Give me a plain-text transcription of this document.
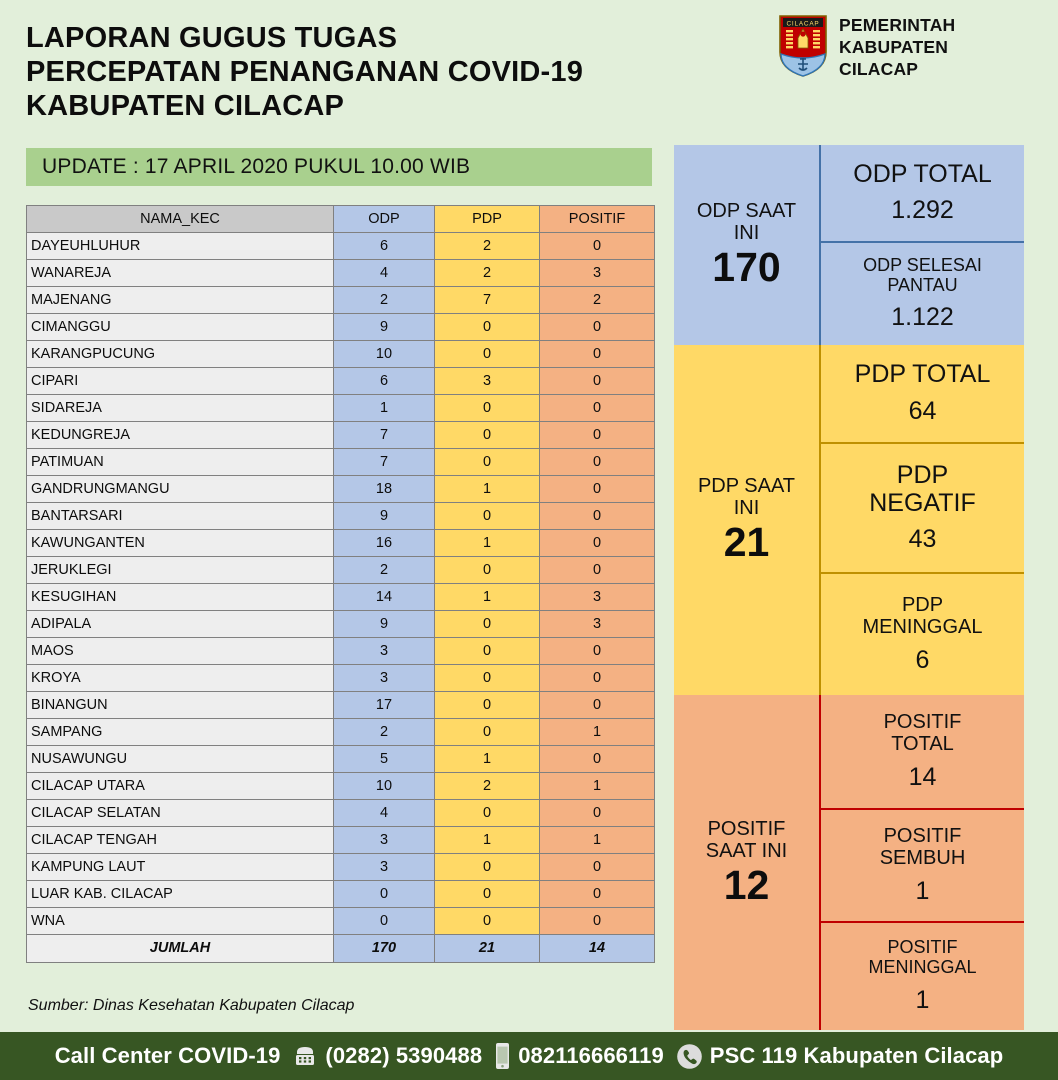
LAPORAN GUGUS TUGAS
PERCEPATAN PENANGANAN COVID-19
KABUPATEN CILACAP
CILACAP PEMERINTAH
KABUPATEN
CILACAP
UPDATE : 17 APRIL 2020 PUKUL 10.00 WIB
NAMA_KEC	ODP	PDP	POSITIF
DAYEUHLUHUR	6	2	0
WANAREJA	4	2	3
MAJENANG	2	7	2
CIMANGGU	9	0	0
KARANGPUCUNG	10	0	0
CIPARI	6	3	0
SIDAREJA	1	0	0
KEDUNGREJA	7	0	0
PATIMUAN	7	0	0
GANDRUNGMANGU	18	1	0
BANTARSARI	9	0	0
KAWUNGANTEN	16	1	0
JERUKLEGI	2	0	0
KESUGIHAN	14	1	3
ADIPALA	9	0	3
MAOS	3	0	0
KROYA	3	0	0
BINANGUN	17	0	0
SAMPANG	2	0	1
NUSAWUNGU	5	1	0
CILACAP UTARA	10	2	1
CILACAP SELATAN	4	0	0
CILACAP TENGAH	3	1	1
KAMPUNG LAUT	3	0	0
LUAR KAB. CILACAP	0	0	0
WNA	0	0	0
JUMLAH	170	21	14
Sumber: Dinas Kesehatan Kabupaten Cilacap
ODP SAAT
INI
170
ODP TOTAL
1.292
ODP SELESAI
PANTAU
1.122
PDP SAAT
INI
21
PDP TOTAL
64
PDP
NEGATIF
43
PDP
MENINGGAL
6
POSITIF
SAAT INI
12
POSITIF
TOTAL
14
POSITIF
SEMBUH
1
POSITIF
MENINGGAL
1
Call Center COVID-19 (0282) 5390488 082116666119 PSC 119 Kabupaten Cilacap
